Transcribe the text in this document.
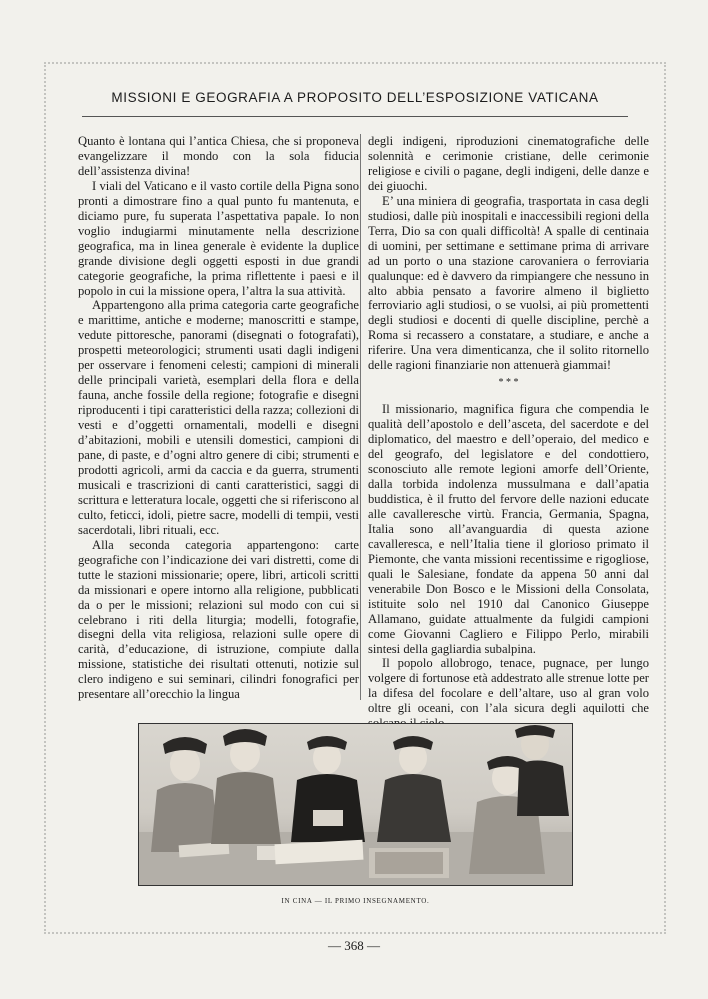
MISSIONI E GEOGRAFIA A PROPOSITO DELL’ESPOSIZIONE VATICANA

Quanto è lontana qui l’antica Chiesa, che si proponeva evangelizzare il mondo con la sola fiducia dell’assistenza divina!

I viali del Vaticano e il vasto cortile della Pigna sono pronti a dimostrare fino a qual punto fu mantenuta, e diciamo pure, fu superata l’aspettativa papale. Io non voglio indugiarmi minutamente nella descrizione geografica, ma in linea generale è evidente la duplice grande divisione degli oggetti esposti in due grandi categorie geografiche, la prima riflettente i paesi e il popolo in cui la missione opera, l’altra la sua attività.

Appartengono alla prima categoria carte geografiche e marittime, antiche e moderne; manoscritti e stampe, vedute pittoresche, panorami (disegnati o fotografati), prospetti meteorologici; strumenti usati dagli indigeni per osservare i fenomeni celesti; campioni di minerali delle principali varietà, esemplari della flora e della fauna, anche fossile della regione; fotografie e disegni riproducenti i tipi caratteristici della razza; collezioni di vesti e d’oggetti ornamentali, modelli e disegni d’abitazioni, mobili e utensili domestici, campioni di pane, di paste, e d’ogni altro genere di cibi; strumenti e prodotti agricoli, armi da caccia e da guerra, strumenti musicali e trascrizioni di canti caratteristici, saggi di scrittura e letteratura locale, oggetti che si riferiscono al culto, feticci, idoli, pietre sacre, modelli di tempii, vesti sacerdotali, libri rituali, ecc.

Alla seconda categoria appartengono: carte geografiche con l’indicazione dei vari distretti, come di tutte le stazioni missionarie; opere, libri, articoli scritti da missionari e opere intorno alla religione, pubblicati da o per le missioni; relazioni sul modo con cui si celebrano i riti della liturgia; modelli, fotografie, disegni della vita religiosa, relazioni sulle opere di carità, d’educazione, di istruzione, compiute dalla missione, statistiche dei risultati ottenuti, notizie sul clero indigeno e sui seminari, cilindri fonografici per presentare all’orecchio la lingua

degli indigeni, riproduzioni cinematografiche delle solennità e cerimonie cristiane, delle cerimonie religiose e civili o pagane, degli indigeni, delle danze e dei giuochi.

E’ una miniera di geografia, trasportata in casa degli studiosi, dalle più inospitali e inaccessibili regioni della Terra, Dio sa con quali difficoltà! A spalle di centinaia di uomini, per settimane e settimane prima di arrivare ad un porto o una stazione carovaniera o ferroviaria qualunque: ed è davvero da rimpiangere che nessuno in alto abbia pensato a favorire almeno il biglietto ferroviario agli studiosi, o se vuolsi, ai più promettenti degli studiosi e docenti di quelle discipline, perchè a Roma si recassero a constatare, a studiare, e anche a riferire. Una vera dimenticanza, che il solito ritornello delle ragioni finanziarie non attenuerà giammai!

* * *

Il missionario, magnifica figura che compendia le qualità dell’apostolo e dell’asceta, del sacerdote e del diplomatico, del maestro e dell’operaio, del medico e del geografo, del legislatore e del condottiero, sconosciuto alle remote legioni amorfe dell’Oriente, dalla torbida indolenza mussulmana e dall’apatia buddistica, è il frutto del fervore delle nazioni educate alle cavalleresche virtù. Francia, Germania, Spagna, Italia sono all’avanguardia di questa azione cavalleresca, e nell’Italia tiene il glorioso primato il Piemonte, che vanta missioni recentissime e rigogliose, quali le Salesiane, fondate da appena 50 anni dal venerabile Don Bosco e le Missioni della Consolata, istituite solo nel 1910 dal Canonico Giuseppe Allamano, guidate attualmente da fulgidi campioni come Giovanni Cagliero e Filippo Perlo, mirabili sintesi della gagliardia subalpina.

Il popolo allobrogo, tenace, pugnace, per lungo volgere di fortunose età addestrato alle strenue lotte per la difesa del focolare e dell’altare, uso al gran volo oltre gli oceani, con l’ala sicura degli aquilotti che

IN CINA — IL PRIMO INSEGNAMENTO.
— 368 —
